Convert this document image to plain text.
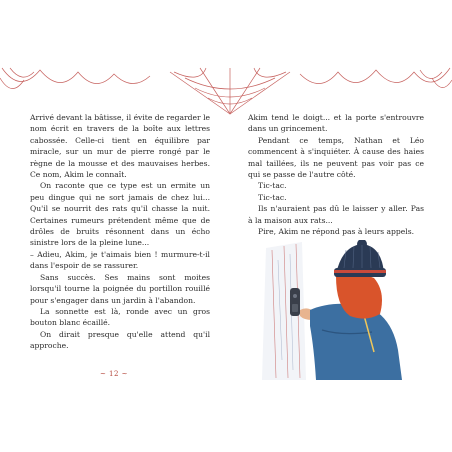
Arrivé devant la bâtisse, il évite de regarder le nom écrit en travers de la boîte aux lettres cabossée. Celle-ci tient en équilibre par miracle, sur un mur de pierre rongé par le règne de la mousse et des mauvaises herbes. Ce nom, Akim le connaît.

On raconte que ce type est un ermite un peu dingue qui ne sort jamais de chez lui... Qu'il se nourrit des rats qu'il chasse la nuit. Certaines rumeurs prétendent même que de drôles de bruits résonnent dans un écho sinistre lors de la pleine lune...

– Adieu, Akim, je t'aimais bien ! murmure-t-il dans l'espoir de se rassurer.

Sans succès. Ses mains sont moites lorsqu'il tourne la poignée du portillon rouillé pour s'engager dans un jardin à l'abandon.

La sonnette est là, ronde avec un gros bouton blanc écaillé.

On dirait presque qu'elle attend qu'il approche.

~ 12 ~

Akim tend le doigt... et la porte s'entrouvre dans un grincement.

Pendant ce temps, Nathan et Léo commencent à s'inquiéter. À cause des haies mal taillées, ils ne peuvent pas voir pas ce qui se passe de l'autre côté.

Tic-tac.

Tic-tac.

Ils n'auraient pas dû le laisser y aller. Pas à la maison aux rats...

Pire, Akim ne répond pas à leurs appels.
